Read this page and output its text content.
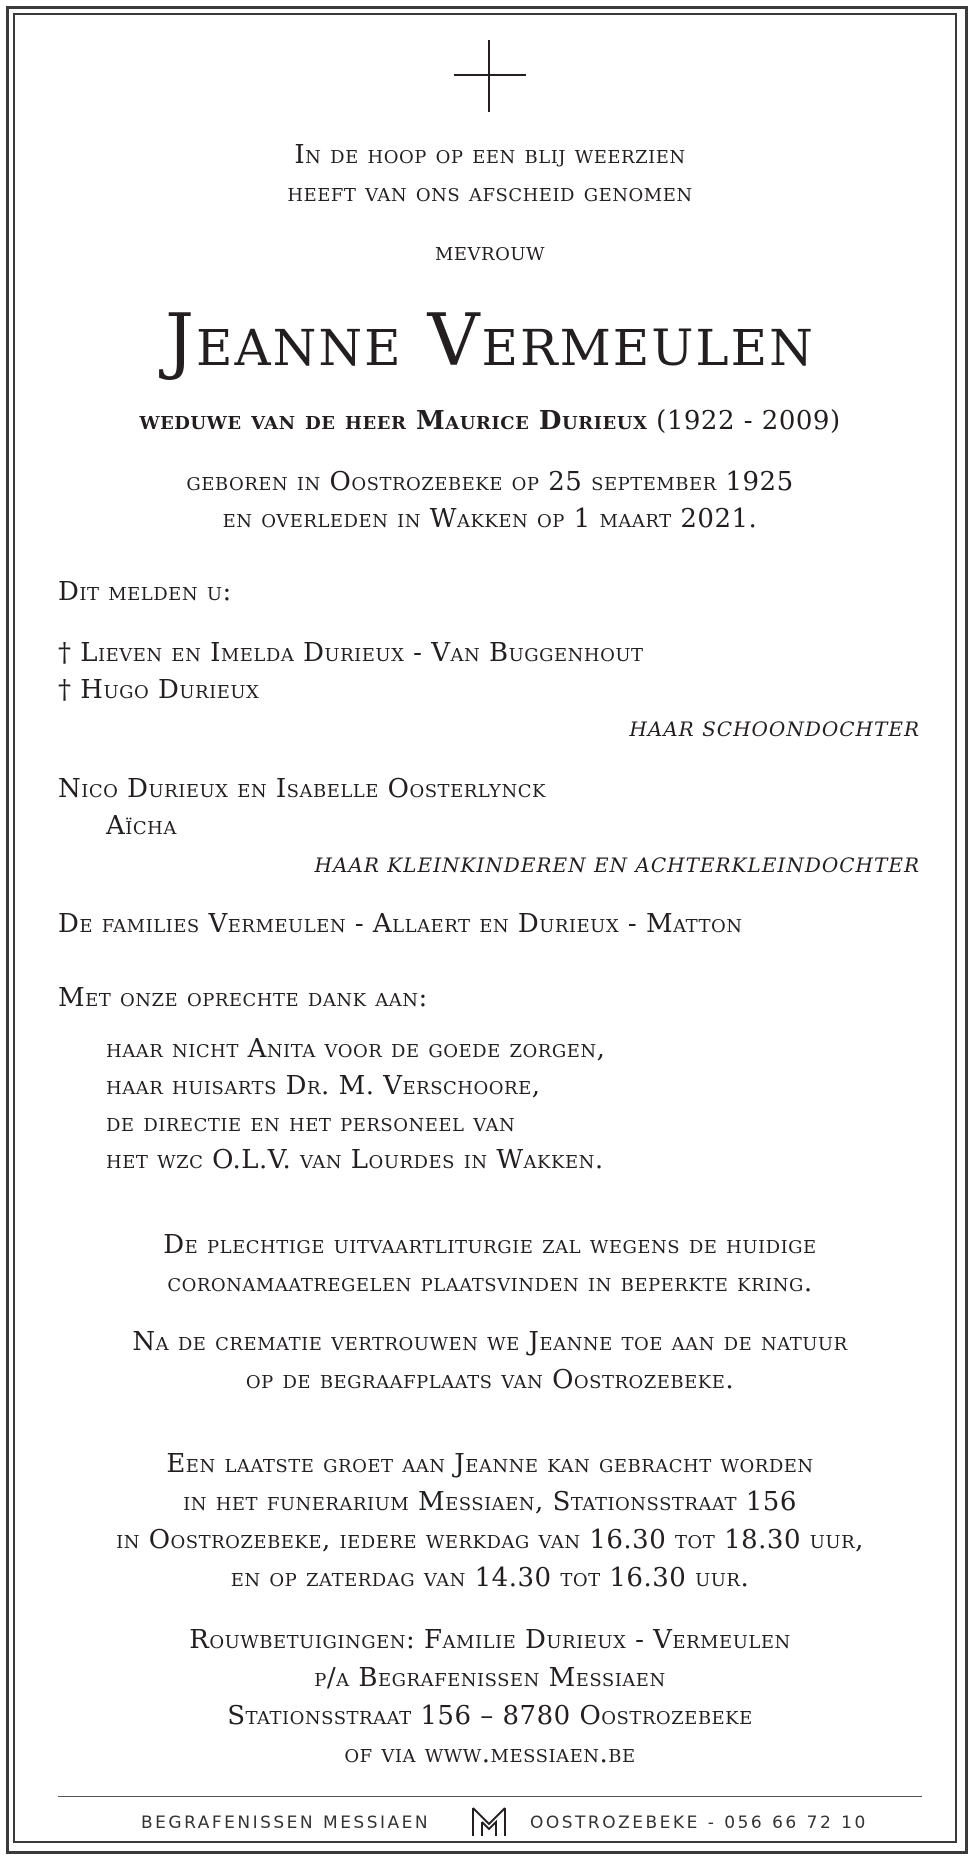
In de hoop op een blij weerzien
heeft van ons afscheid genomen
mevrouw
Jeanne Vermeulen
weduwe van de heer Maurice Durieux (1922 - 2009)
geboren in Oostrozebeke op 25 september 1925
en overleden in Wakken op 1 maart 2021.
Dit melden u:
† Lieven en Imelda Durieux - Van Buggenhout
† Hugo Durieux
HAAR SCHOONDOCHTER
Nico Durieux en Isabelle Oosterlynck
Aïcha
HAAR KLEINKINDEREN EN ACHTERKLEINDOCHTER
De families Vermeulen - Allaert en Durieux - Matton
Met onze oprechte dank aan:
haar nicht Anita voor de goede zorgen,
haar huisarts Dr. M. Verschoore,
de directie en het personeel van
het wzc O.L.V. van Lourdes in Wakken.
De plechtige uitvaartliturgie zal wegens de huidige
coronamaatregelen plaatsvinden in beperkte kring.
Na de crematie vertrouwen we Jeanne toe aan de natuur
op de begraafplaats van Oostrozebeke.
Een laatste groet aan Jeanne kan gebracht worden
in het funerarium Messiaen, Stationsstraat 156
in Oostrozebeke, iedere werkdag van 16.30 tot 18.30 uur,
en op zaterdag van 14.30 tot 16.30 uur.
Rouwbetuigingen: Familie Durieux - Vermeulen
p/a Begrafenissen Messiaen
Stationsstraat 156 – 8780 Oostrozebeke
of via www.messiaen.be
BEGRAFENISSEN MESSIAEN	OOSTROZEBEKE - 056 66 72 10
